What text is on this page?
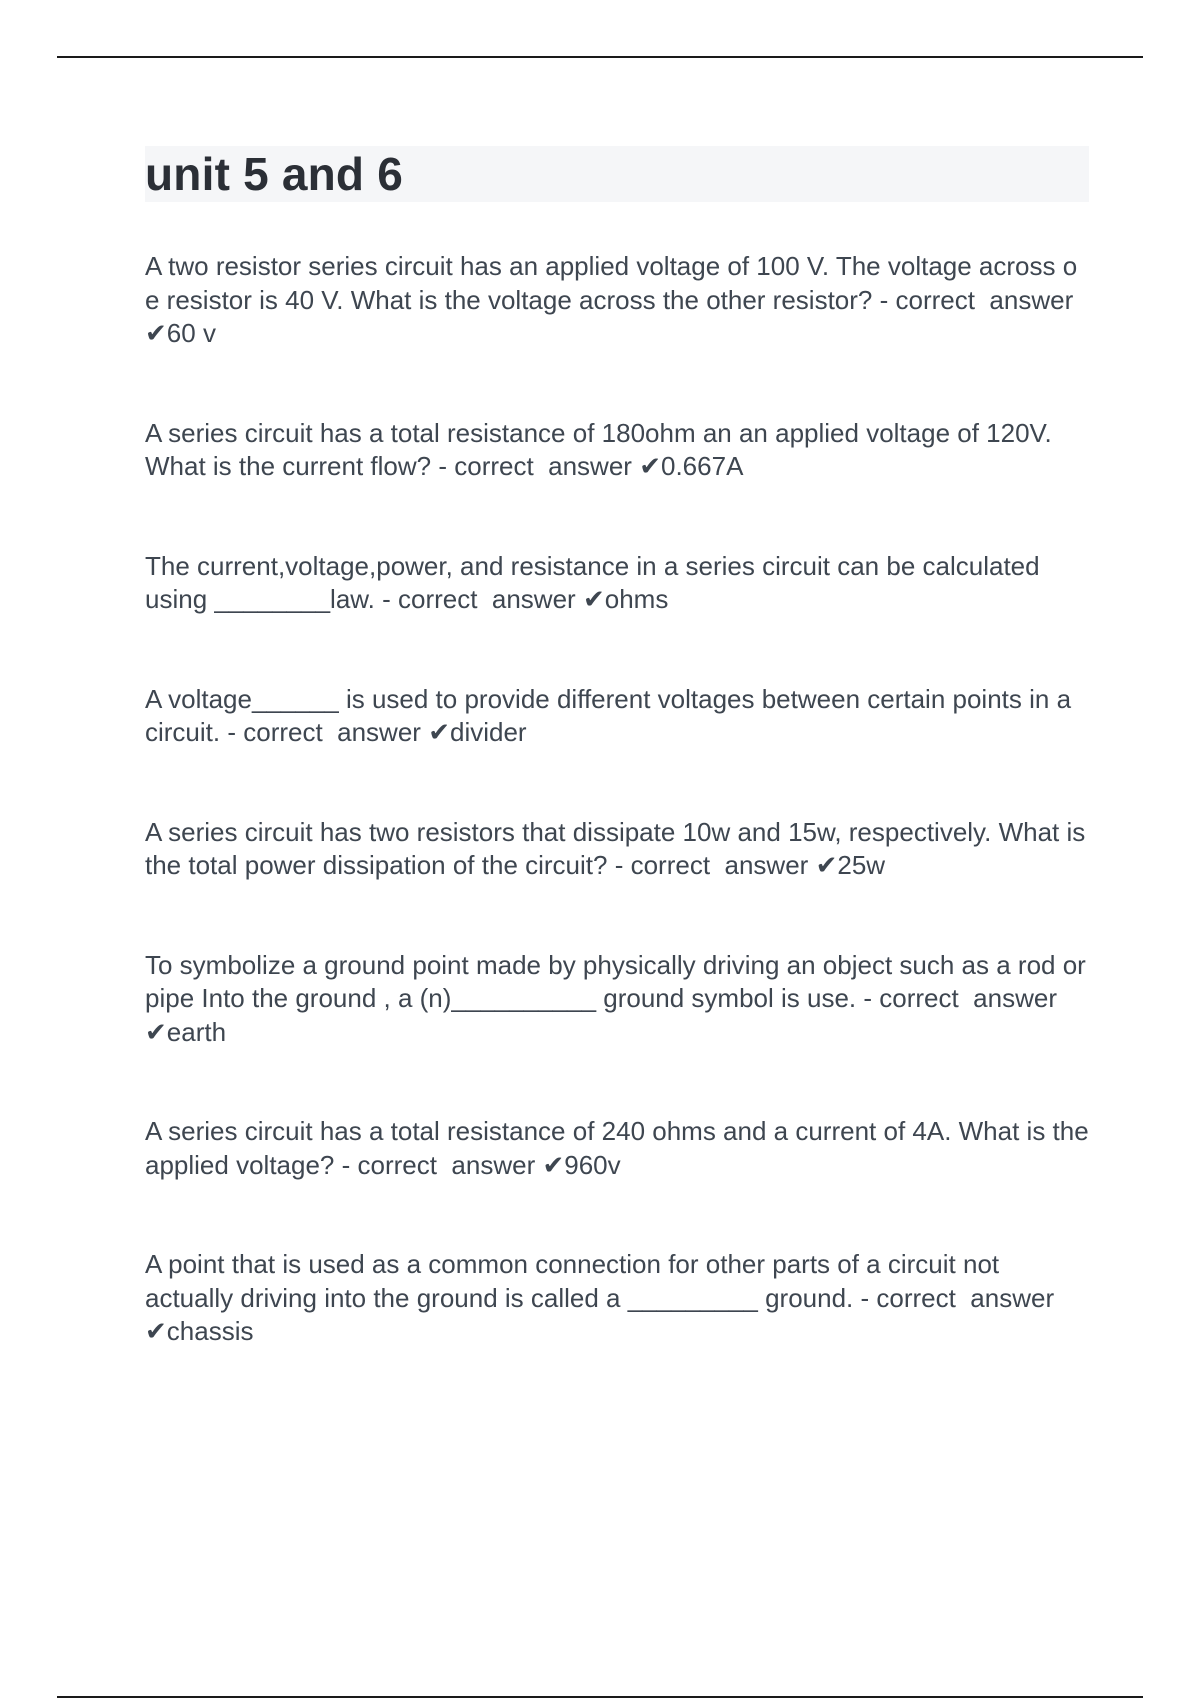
unit 5 and 6

A two resistor series circuit has an applied voltage of 100 V. The voltage across o e resistor is 40 V. What is the voltage across the other resistor? - correct  answer ✔60 v

A series circuit has a total resistance of 180ohm an an applied voltage of 120V. What is the current flow? - correct  answer ✔0.667A

The current,voltage,power, and resistance in a series circuit can be calculated using ________law. - correct  answer ✔ohms

A voltage______ is used to provide different voltages between certain points in a circuit. - correct  answer ✔divider

A series circuit has two resistors that dissipate 10w and 15w, respectively. What is the total power dissipation of the circuit? - correct  answer ✔25w

To symbolize a ground point made by physically driving an object such as a rod or pipe Into the ground , a (n)__________ ground symbol is use. - correct  answer ✔earth

A series circuit has a total resistance of 240 ohms and a current of 4A. What is the applied voltage? - correct  answer ✔960v

A point that is used as a common connection for other parts of a circuit not actually driving into the ground is called a _________ ground. - correct  answer ✔chassis
